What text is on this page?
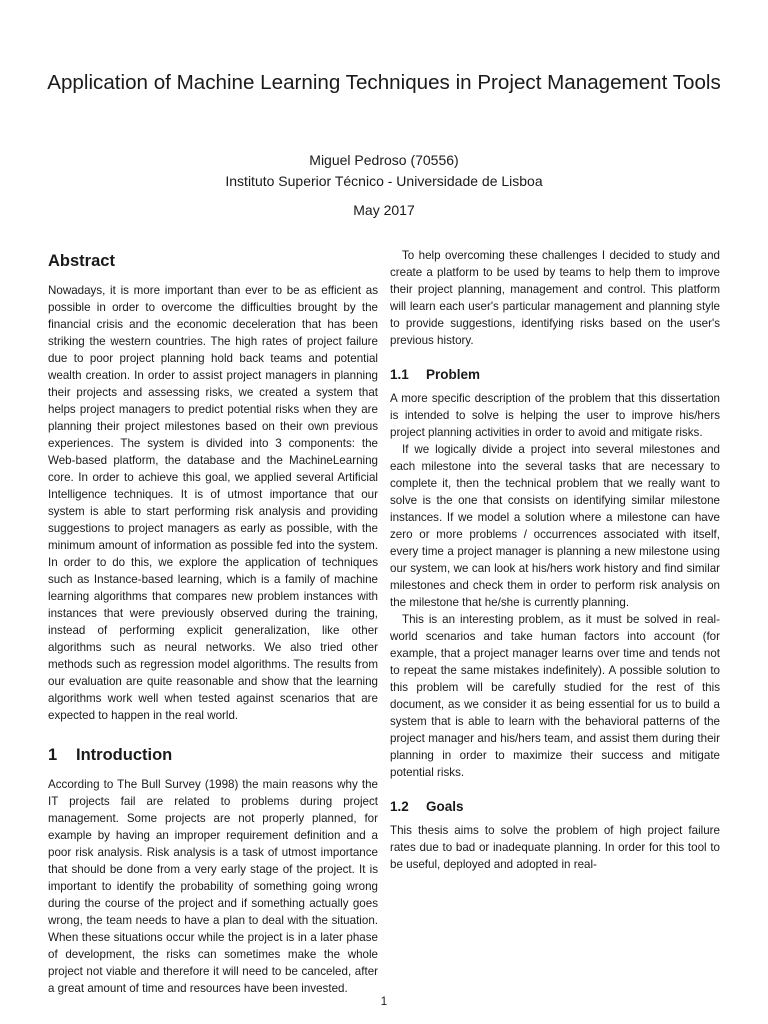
Application of Machine Learning Techniques in Project Management Tools
Miguel Pedroso (70556)
Instituto Superior Técnico - Universidade de Lisboa
May 2017
Abstract

Nowadays, it is more important than ever to be as efficient as possible in order to overcome the difficulties brought by the financial crisis and the economic deceleration that has been striking the western countries. The high rates of project failure due to poor project planning hold back teams and potential wealth creation. In order to assist project managers in planning their projects and assessing risks, we created a system that helps project managers to predict potential risks when they are planning their project milestones based on their own previous experiences. The system is divided into 3 components: the Web-based platform, the database and the MachineLearning core. In order to achieve this goal, we applied several Artificial Intelligence techniques. It is of utmost importance that our system is able to start performing risk analysis and providing suggestions to project managers as early as possible, with the minimum amount of information as possible fed into the system. In order to do this, we explore the application of techniques such as Instance-based learning, which is a family of machine learning algorithms that compares new problem instances with instances that were previously observed during the training, instead of performing explicit generalization, like other algorithms such as neural networks. We also tried other methods such as regression model algorithms. The results from our evaluation are quite reasonable and show that the learning algorithms work well when tested against scenarios that are expected to happen in the real world.

1 Introduction

According to The Bull Survey (1998) the main reasons why the IT projects fail are related to problems during project management. Some projects are not properly planned, for example by having an improper requirement definition and a poor risk analysis. Risk analysis is a task of utmost importance that should be done from a very early stage of the project. It is important to identify the probability of something going wrong during the course of the project and if something actually goes wrong, the team needs to have a plan to deal with the situation. When these situations occur while the project is in a later phase of development, the risks can sometimes make the whole project not viable and therefore it will need to be canceled, after a great amount of time and resources have been invested.

To help overcoming these challenges I decided to study and create a platform to be used by teams to help them to improve their project planning, management and control. This platform will learn each user's particular management and planning style to provide suggestions, identifying risks based on the user's previous history.

1.1 Problem

A more specific description of the problem that this dissertation is intended to solve is helping the user to improve his/hers project planning activities in order to avoid and mitigate risks.

If we logically divide a project into several milestones and each milestone into the several tasks that are necessary to complete it, then the technical problem that we really want to solve is the one that consists on identifying similar milestone instances. If we model a solution where a milestone can have zero or more problems / occurrences associated with itself, every time a project manager is planning a new milestone using our system, we can look at his/hers work history and find similar milestones and check them in order to perform risk analysis on the milestone that he/she is currently planning.

This is an interesting problem, as it must be solved in real-world scenarios and take human factors into account (for example, that a project manager learns over time and tends not to repeat the same mistakes indefinitely). A possible solution to this problem will be carefully studied for the rest of this document, as we consider it as being essential for us to build a system that is able to learn with the behavioral patterns of the project manager and his/hers team, and assist them during their planning in order to maximize their success and mitigate potential risks.

1.2 Goals

This thesis aims to solve the problem of high project failure rates due to bad or inadequate planning. In order for this tool to be useful, deployed and adopted in real-

1
